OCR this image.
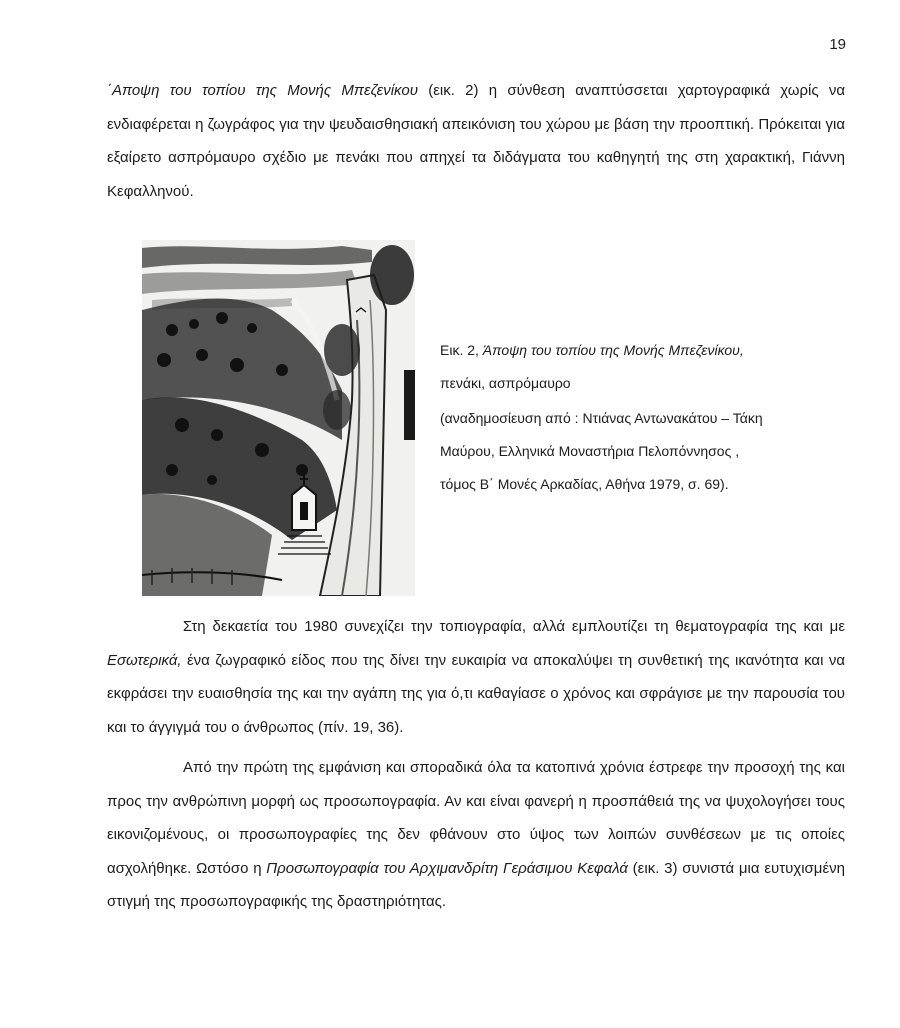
19

΄Αποψη του τοπίου της Μονής Μπεζενίκου (εικ. 2) η σύνθεση αναπτύσσεται χαρτογραφικά χωρίς να ενδιαφέρεται η ζωγράφος για την ψευδαισθησιακή απεικόνιση του χώρου με βάση την προοπτική. Πρόκειται για εξαίρετο ασπρόμαυρο σχέδιο με πενάκι που απηχεί τα διδάγματα του καθηγητή της στη χαρακτική, Γιάννη Κεφαλληνού.

Εικ. 2, Άποψη του τοπίου της Μονής Μπεζενίκου,
πενάκι, ασπρόμαυρο

(αναδημοσίευση από : Ντιάνας Αντωνακάτου – Τάκη
Μαύρου, Ελληνικά Μοναστήρια Πελοπόννησος ,
τόμος Β΄ Μονές Αρκαδίας, Αθήνα 1979, σ. 69).

Στη δεκαετία του 1980 συνεχίζει την τοπιογραφία, αλλά εμπλουτίζει τη θεματογραφία της και με Εσωτερικά, ένα ζωγραφικό είδος που της δίνει την ευκαιρία να αποκαλύψει τη συνθετική της ικανότητα και να εκφράσει την ευαισθησία της και την αγάπη της για ό,τι καθαγίασε ο χρόνος και σφράγισε με την παρουσία του και το άγγιγμά του ο άνθρωπος (πίν. 19, 36).

Από την πρώτη της εμφάνιση και σποραδικά όλα τα κατοπινά χρόνια έστρεφε την προσοχή της και προς την ανθρώπινη μορφή ως προσωπογραφία. Αν και είναι φανερή η προσπάθειά της να ψυχολογήσει τους εικονιζομένους, οι προσωπογραφίες της δεν φθάνουν στο ύψος των λοιπών συνθέσεων με τις οποίες ασχολήθηκε. Ωστόσο η Προσωπογραφία του Αρχιμανδρίτη Γεράσιμου Κεφαλά (εικ. 3) συνιστά μια ευτυχισμένη στιγμή της προσωπογραφικής της δραστηριότητας.
